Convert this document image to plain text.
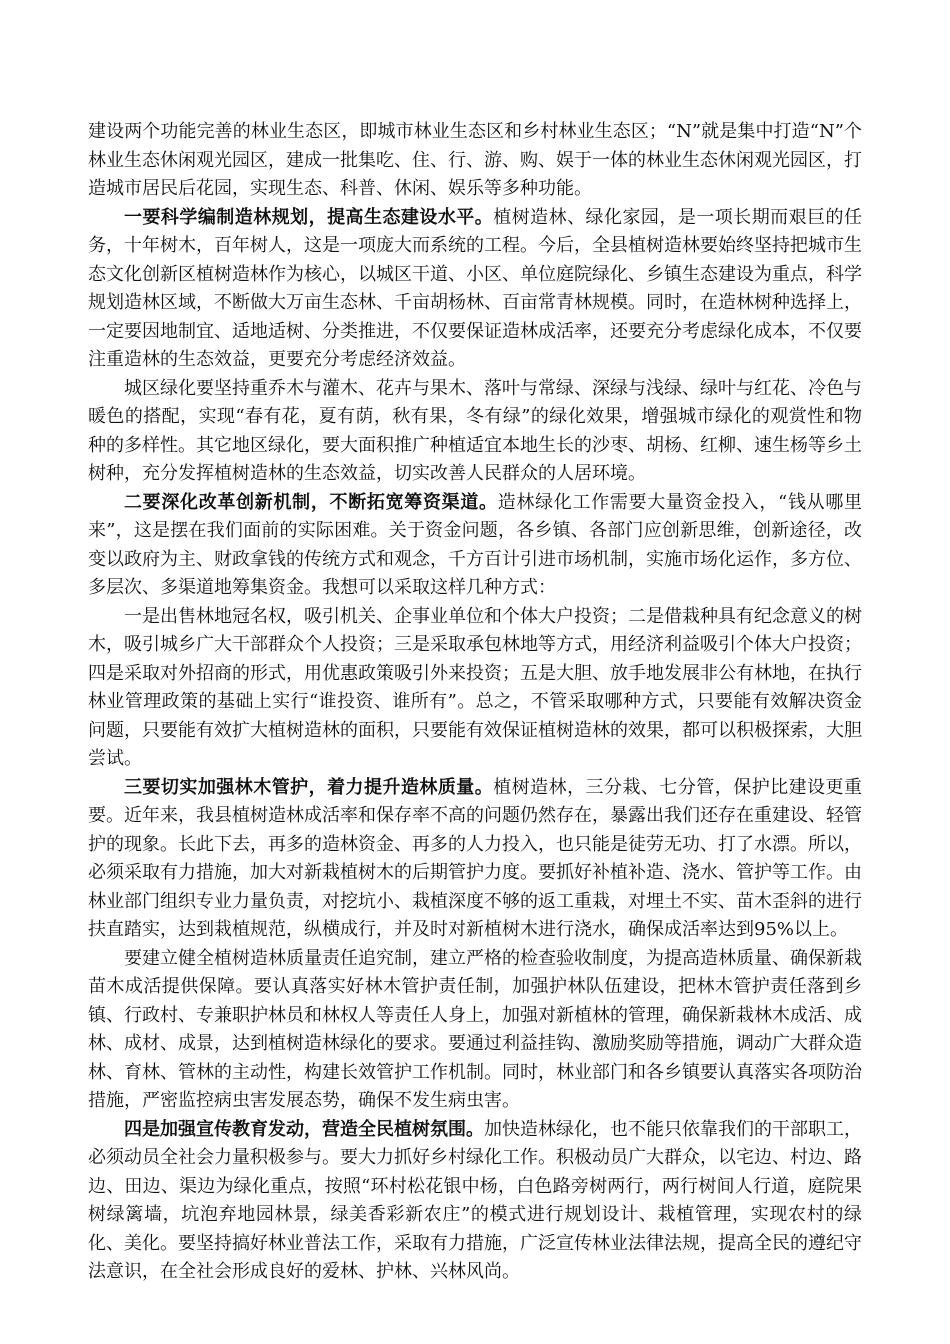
建设两个功能完善的林业生态区，即城市林业生态区和乡村林业生态区；“N”就是集中打造“N”个林业生态休闲观光园区，建成一批集吃、住、行、游、购、娱于一体的林业生态休闲观光园区，打造城市居民后花园，实现生态、科普、休闲、娱乐等多种功能。

一要科学编制造林规划，提高生态建设水平。植树造林、绿化家园，是一项长期而艰巨的任务，十年树木，百年树人，这是一项庞大而系统的工程。今后，全县植树造林要始终坚持把城市生态文化创新区植树造林作为核心，以城区干道、小区、单位庭院绿化、乡镇生态建设为重点，科学规划造林区域，不断做大万亩生态林、千亩胡杨林、百亩常青林规模。同时，在造林树种选择上，一定要因地制宜、适地适树、分类推进，不仅要保证造林成活率，还要充分考虑绿化成本，不仅要注重造林的生态效益，更要充分考虑经济效益。

城区绿化要坚持重乔木与灌木、花卉与果木、落叶与常绿、深绿与浅绿、绿叶与红花、冷色与暖色的搭配，实现“春有花，夏有荫，秋有果，冬有绿”的绿化效果，增强城市绿化的观赏性和物种的多样性。其它地区绿化，要大面积推广种植适宜本地生长的沙枣、胡杨、红柳、速生杨等乡土树种，充分发挥植树造林的生态效益，切实改善人民群众的人居环境。

二要深化改革创新机制，不断拓宽筹资渠道。造林绿化工作需要大量资金投入，“钱从哪里来”，这是摆在我们面前的实际困难。关于资金问题，各乡镇、各部门应创新思维，创新途径，改变以政府为主、财政拿钱的传统方式和观念，千方百计引进市场机制，实施市场化运作，多方位、多层次、多渠道地筹集资金。我想可以采取这样几种方式：

一是出售林地冠名权，吸引机关、企事业单位和个体大户投资；二是借栽种具有纪念意义的树木，吸引城乡广大干部群众个人投资；三是采取承包林地等方式，用经济利益吸引个体大户投资；四是采取对外招商的形式，用优惠政策吸引外来投资；五是大胆、放手地发展非公有林地，在执行林业管理政策的基础上实行“谁投资、谁所有”。总之，不管采取哪种方式，只要能有效解决资金问题，只要能有效扩大植树造林的面积，只要能有效保证植树造林的效果，都可以积极探索，大胆尝试。

三要切实加强林木管护，着力提升造林质量。植树造林，三分栽、七分管，保护比建设更重要。近年来，我县植树造林成活率和保存率不高的问题仍然存在，暴露出我们还存在重建设、轻管护的现象。长此下去，再多的造林资金、再多的人力投入，也只能是徒劳无功、打了水漂。所以，必须采取有力措施，加大对新栽植树木的后期管护力度。要抓好补植补造、浇水、管护等工作。由林业部门组织专业力量负责，对挖坑小、栽植深度不够的返工重栽，对埋土不实、苗木歪斜的进行扶直踏实，达到栽植规范，纵横成行，并及时对新植树木进行浇水，确保成活率达到95%以上。

要建立健全植树造林质量责任追究制，建立严格的检查验收制度，为提高造林质量、确保新栽苗木成活提供保障。要认真落实好林木管护责任制，加强护林队伍建设，把林木管护责任落到乡镇、行政村、专兼职护林员和林权人等责任人身上，加强对新植林的管理，确保新栽林木成活、成林、成材、成景，达到植树造林绿化的要求。要通过利益挂钩、激励奖励等措施，调动广大群众造林、育林、管林的主动性，构建长效管护工作机制。同时，林业部门和各乡镇要认真落实各项防治措施，严密监控病虫害发展态势，确保不发生病虫害。

四是加强宣传教育发动，营造全民植树氛围。加快造林绿化，也不能只依靠我们的干部职工，必须动员全社会力量积极参与。要大力抓好乡村绿化工作。积极动员广大群众，以宅边、村边、路边、田边、渠边为绿化重点，按照“环村松花银中杨，白色路旁树两行，两行树间人行道，庭院果树绿篱墙，坑泡弃地园林景，绿美香彩新农庄”的模式进行规划设计、栽植管理，实现农村的绿化、美化。要坚持搞好林业普法工作，采取有力措施，广泛宣传林业法律法规，提高全民的遵纪守法意识，在全社会形成良好的爱林、护林、兴林风尚。
